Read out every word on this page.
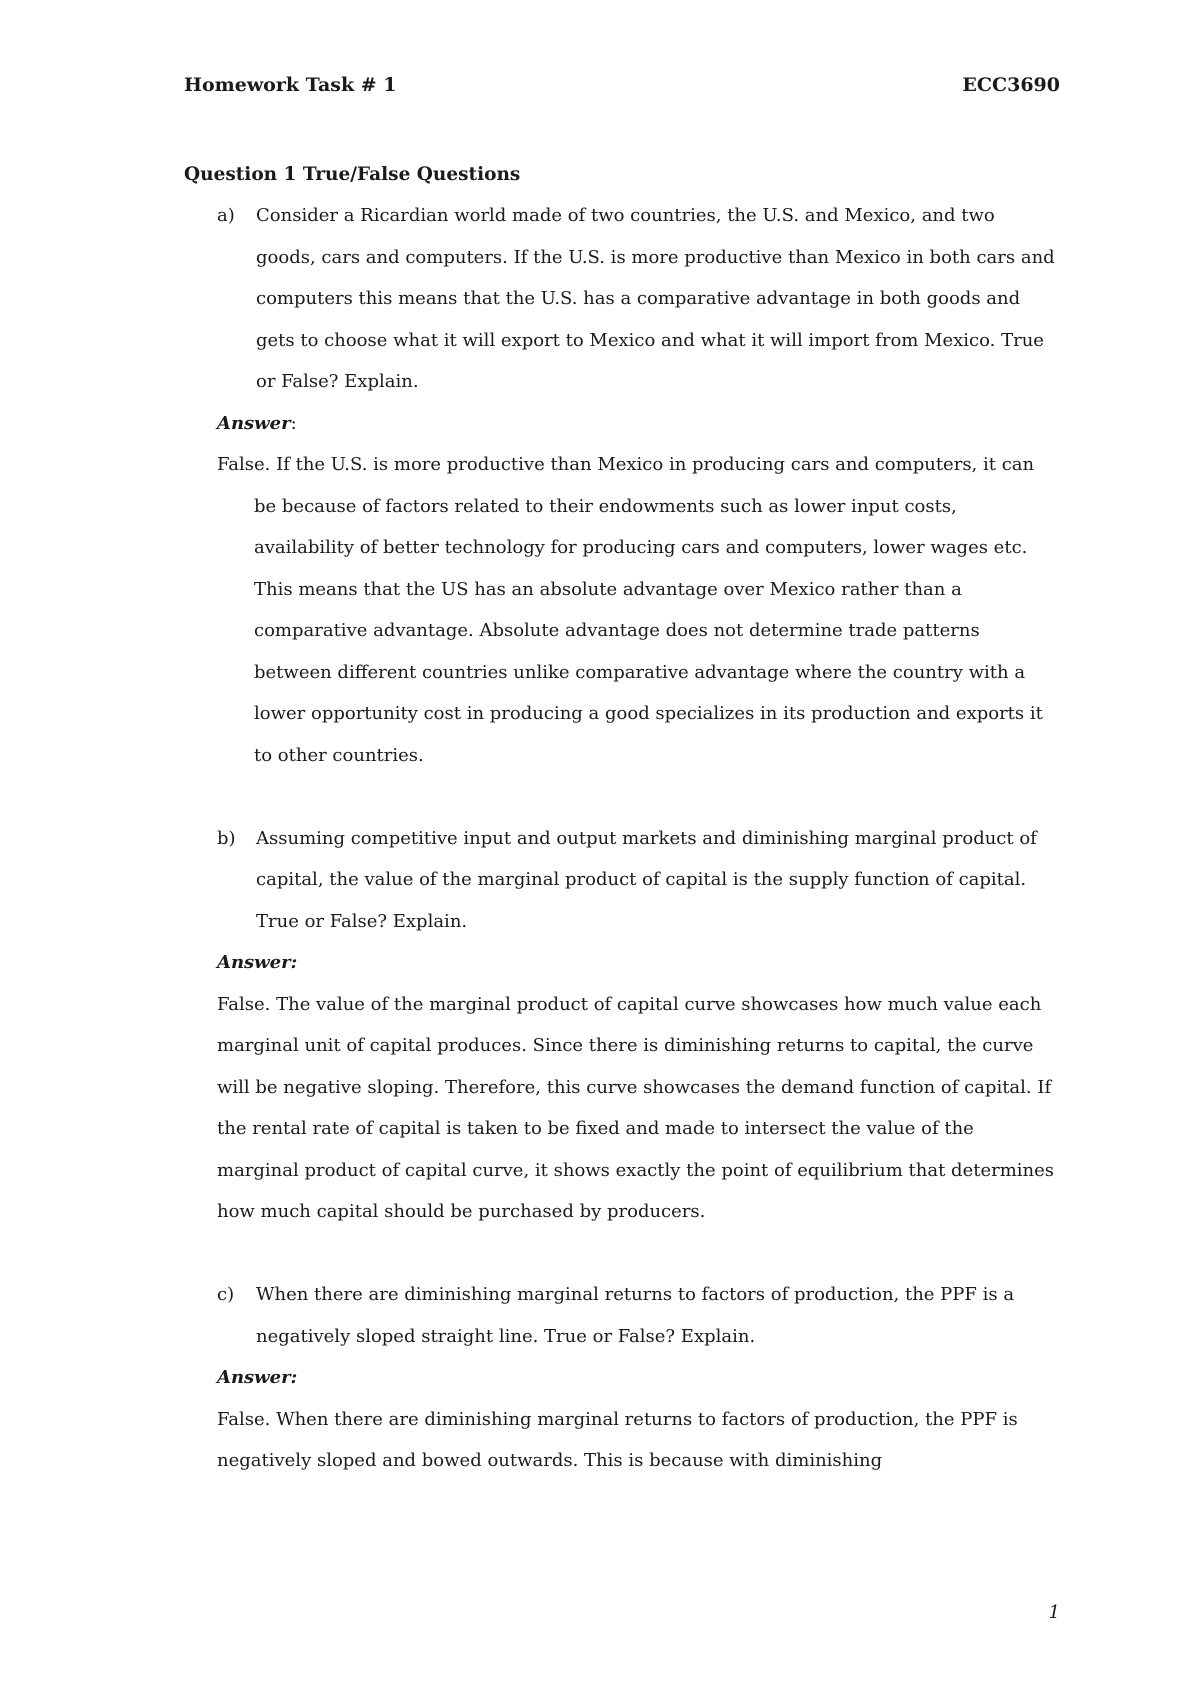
Homework Task # 1	ECC3690

Question 1 True/False Questions

a) Consider a Ricardian world made of two countries, the U.S. and Mexico, and two goods, cars and computers. If the U.S. is more productive than Mexico in both cars and computers this means that the U.S. has a comparative advantage in both goods and gets to choose what it will export to Mexico and what it will import from Mexico. True or False? Explain.

Answer:

False. If the U.S. is more productive than Mexico in producing cars and computers, it can be because of factors related to their endowments such as lower input costs, availability of better technology for producing cars and computers, lower wages etc. This means that the US has an absolute advantage over Mexico rather than a comparative advantage. Absolute advantage does not determine trade patterns between different countries unlike comparative advantage where the country with a lower opportunity cost in producing a good specializes in its production and exports it to other countries.

b) Assuming competitive input and output markets and diminishing marginal product of capital, the value of the marginal product of capital is the supply function of capital. True or False? Explain.

Answer:

False. The value of the marginal product of capital curve showcases how much value each marginal unit of capital produces. Since there is diminishing returns to capital, the curve will be negative sloping. Therefore, this curve showcases the demand function of capital. If the rental rate of capital is taken to be fixed and made to intersect the value of the marginal product of capital curve, it shows exactly the point of equilibrium that determines how much capital should be purchased by producers.

c) When there are diminishing marginal returns to factors of production, the PPF is a negatively sloped straight line. True or False? Explain.

Answer:

False. When there are diminishing marginal returns to factors of production, the PPF is negatively sloped and bowed outwards. This is because with diminishing

1
